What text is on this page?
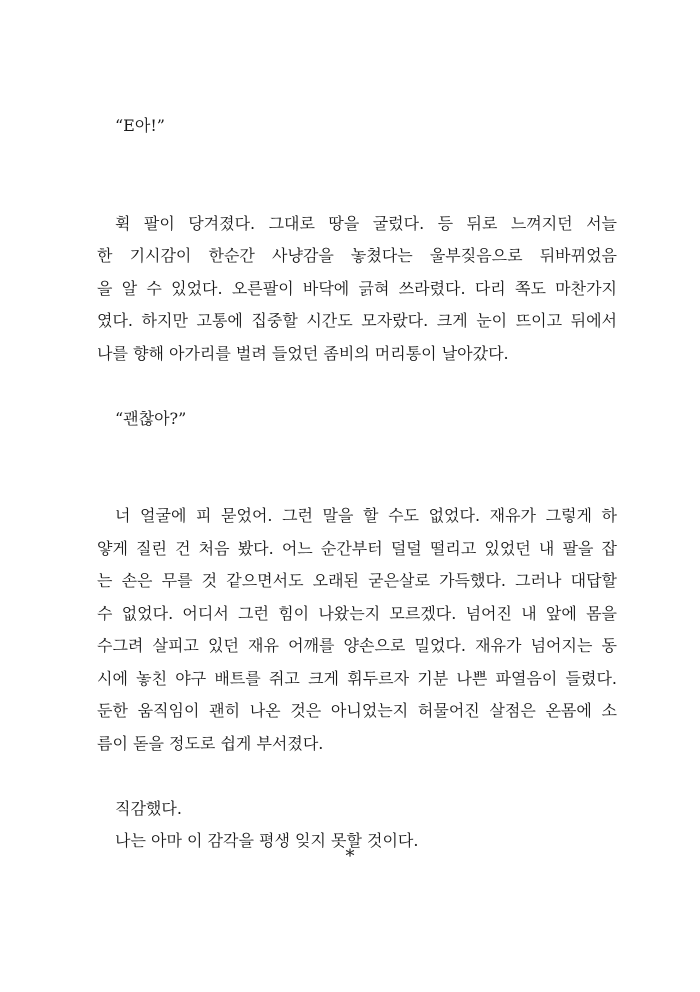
“E아!”

휙 팔이 당겨졌다. 그대로 땅을 굴렀다. 등 뒤로 느껴지던 서늘
한 기시감이 한순간 사냥감을 놓쳤다는 울부짖음으로 뒤바뀌었음
을 알 수 있었다. 오른팔이 바닥에 긁혀 쓰라렸다. 다리 쪽도 마찬가지
였다. 하지만 고통에 집중할 시간도 모자랐다. 크게 눈이 뜨이고 뒤에서
나를 향해 아가리를 벌려 들었던 좀비의 머리통이 날아갔다.

“괜찮아?”

너 얼굴에 피 묻었어. 그런 말을 할 수도 없었다. 재유가 그렇게 하
얗게 질린 건 처음 봤다. 어느 순간부터 덜덜 떨리고 있었던 내 팔을 잡
는 손은 무를 것 같으면서도 오래된 굳은살로 가득했다. 그러나 대답할
수 없었다. 어디서 그런 힘이 나왔는지 모르겠다. 넘어진 내 앞에 몸을
수그려 살피고 있던 재유 어깨를 양손으로 밀었다. 재유가 넘어지는 동
시에 놓친 야구 배트를 쥐고 크게 휘두르자 기분 나쁜 파열음이 들렸다.
둔한 움직임이 괜히 나온 것은 아니었는지 허물어진 살점은 온몸에 소
름이 돋을 정도로 쉽게 부서졌다.

직감했다.

나는 아마 이 감각을 평생 잊지 못할 것이다.

*
